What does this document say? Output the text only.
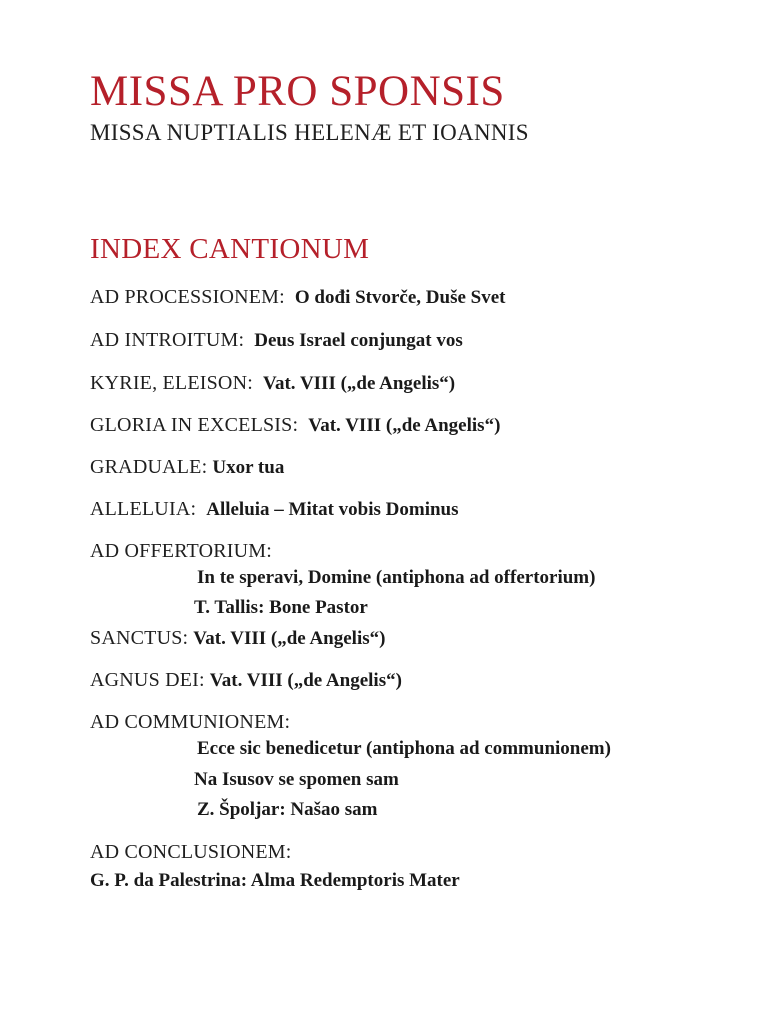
MISSA PRO SPONSIS
MISSA NUPTIALIS HELENÆ ET IOANNIS
INDEX CANTIONUM
AD PROCESSIONEM: O dođi Stvorče, Duše Svet
AD INTROITUM: Deus Israel conjungat vos
KYRIE, ELEISON: Vat. VIII („de Angelis“)
GLORIA IN EXCELSIS: Vat. VIII („de Angelis“)
GRADUALE: Uxor tua
ALLELUIA: Alleluia – Mitat vobis Dominus
AD OFFERTORIUM:
In te speravi, Domine (antiphona ad offertorium)
T. Tallis: Bone Pastor
SANCTUS: Vat. VIII („de Angelis“)
AGNUS DEI: Vat. VIII („de Angelis“)
AD COMMUNIONEM:
Ecce sic benedicetur (antiphona ad communionem)
Na Isusov se spomen sam
Z. Špoljar: Našao sam
AD CONCLUSIONEM:
G. P. da Palestrina: Alma Redemptoris Mater
